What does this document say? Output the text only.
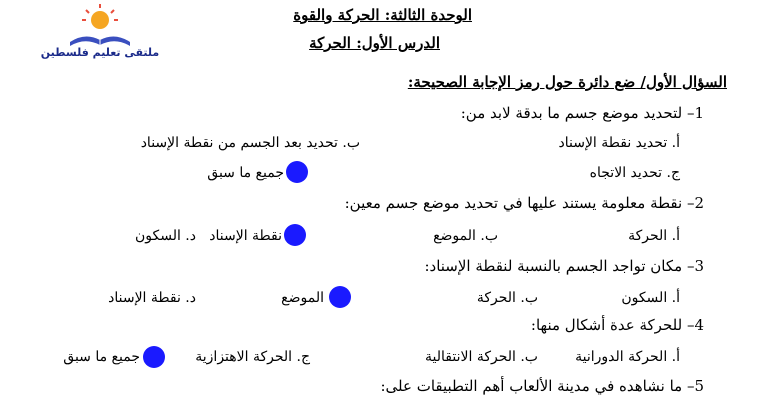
ملتقى تعليم فلسطين
الوحدة الثالثة: الحركة والقوة
الدرس الأول: الحركة
السؤال الأول/ ضع دائرة حول رمز الإجابة الصحيحة:
1– لتحديد موضع جسم ما بدقة لابد من:
أ. تحديد نقطة الإسناد
ب. تحديد بعد الجسم من نقطة الإسناد
ج. تحديد الاتجاه
جميع ما سبق
2– نقطة معلومة يستند عليها في تحديد موضع جسم معين:
أ. الحركة
ب. الموضع
نقطة الإسناد
د. السكون
3– مكان تواجد الجسم بالنسبة لنقطة الإسناد:
أ. السكون
ب. الحركة
الموضع
د. نقطة الإسناد
4– للحركة عدة أشكال منها:
أ. الحركة الدورانية
ب. الحركة الانتقالية
ج. الحركة الاهتزازية
جميع ما سبق
5– ما نشاهده في مدينة الألعاب أهم التطبيقات على:
